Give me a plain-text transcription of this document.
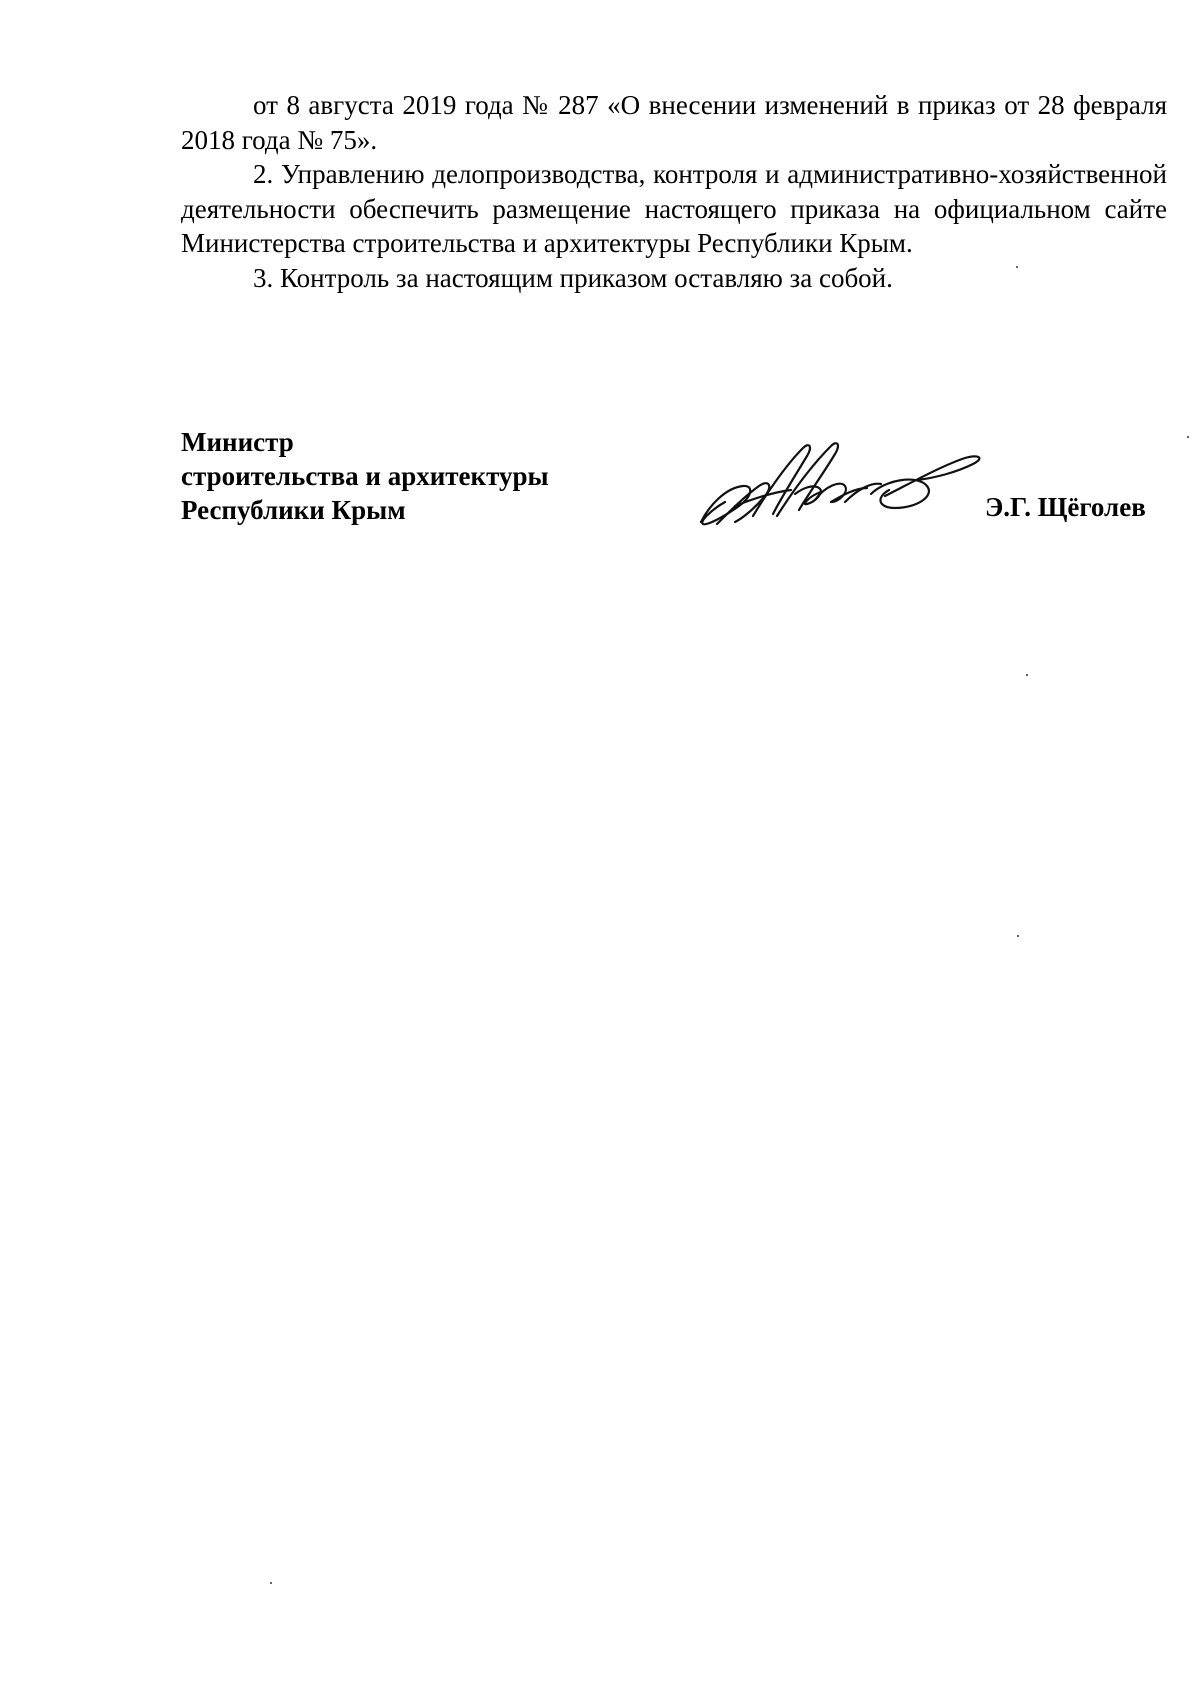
от 8 августа 2019 года № 287 «О внесении изменений в приказ от 28 февраля 2018 года № 75».

2. Управлению делопроизводства, контроля и административно-хозяйственной деятельности обеспечить размещение настоящего приказа на официальном сайте Министерства строительства и архитектуры Республики Крым.

3. Контроль за настоящим приказом оставляю за собой.

Министр
строительства и архитектуры
Республики Крым	Э.Г. Щёголев
